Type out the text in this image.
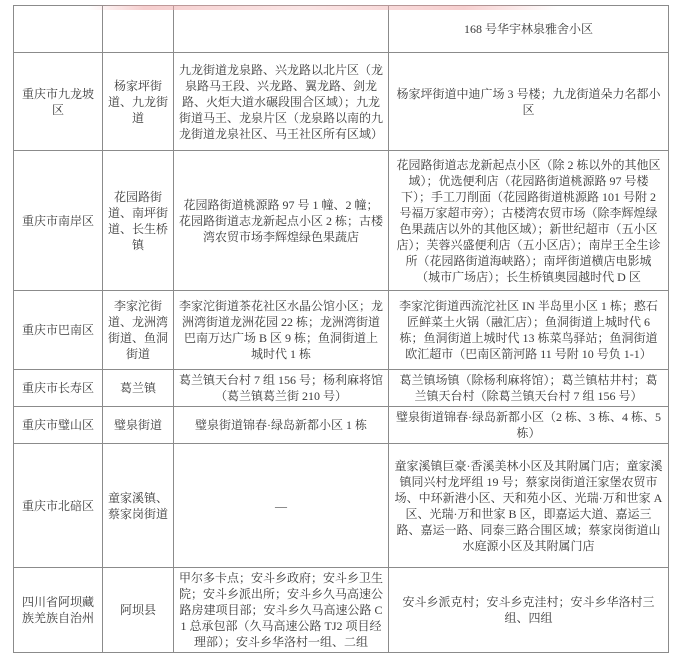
			168 号华宇林泉雅舍小区
重庆市九龙坡区	杨家坪街道、九龙街道	九龙街道龙泉路、兴龙路以北片区（龙泉路马王段、兴龙路、翼龙路、剑龙路、火炬大道水碾段围合区域）；九龙街道马王、龙泉片区（龙泉路以南的九龙街道龙泉社区、马王社区所有区域）	杨家坪街道中迪广场 3 号楼；九龙街道朵力名都小区
重庆市南岸区	花园路街道、南坪街道、长生桥镇	花园路街道桃源路 97 号 1 幢、2 幢；花园路街道志龙新起点小区 2 栋；古楼湾农贸市场李辉煌绿色果蔬店	花园路街道志龙新起点小区（除 2 栋以外的其他区域）；优选便利店（花园路街道桃源路 97 号楼下）；手工刀削面（花园路街道桃源路 101 号附 2 号福万家超市旁）；古楼湾农贸市场（除李辉煌绿色果蔬店以外的其他区域）；新世纪超市（五小区店）；芙蓉兴盛便利店（五小区店）；南岸王全生诊所（花园路街道海峡路）；南坪街道横店电影城（城市广场店）；长生桥镇奥园越时代 D 区
重庆市巴南区	李家沱街道、龙洲湾街道、鱼洞街道	李家沱街道茶花社区水晶公馆小区；龙洲湾街道龙洲花园 22 栋；龙洲湾街道巴南万达广场 B 区 9 栋；鱼洞街道上城时代 1 栋	李家沱街道西流沱社区 IN 半岛里小区 1 栋；憨石匠鲜菜土火锅（融汇店）；鱼洞街道上城时代 6 栋；鱼洞街道上城时代 13 栋菜鸟驿站；鱼洞街道欧汇超市（巴南区箭河路 11 号附 10 号负 1-1）
重庆市长寿区	葛兰镇	葛兰镇天台村 7 组 156 号；杨利麻将馆（葛兰镇葛兰街 210 号）	葛兰镇场镇（除杨利麻将馆）；葛兰镇枯井村；葛兰镇天台村（除葛兰镇天台村 7 组 156 号）
重庆市璧山区	璧泉街道	璧泉街道锦春·绿岛新都小区 1 栋	璧泉街道锦春·绿岛新都小区（2 栋、3 栋、4 栋、5 栋）
重庆市北碚区	童家溪镇、蔡家岗街道	—	童家溪镇巨豪·香溪美林小区及其附属门店；童家溪镇同兴村龙坪组 19 号；蔡家岗街道汪家堡农贸市场、中环新港小区、天和苑小区、光瑞·万和世家 A 区、光瑞·万和世家 B 区，即嘉运大道、嘉运三路、嘉运一路、同泰三路合围区域；蔡家岗街道山水庭源小区及其附属门店
四川省阿坝藏族羌族自治州	阿坝县	甲尔多卡点；安斗乡政府；安斗乡卫生院；安斗乡派出所；安斗乡久马高速公路房建项目部；安斗乡久马高速公路 C1 总承包部（久马高速公路 TJ2 项目经理部）；安斗乡华洛村一组、二组	安斗乡派克村；安斗乡克洼村；安斗乡华洛村三组、四组
